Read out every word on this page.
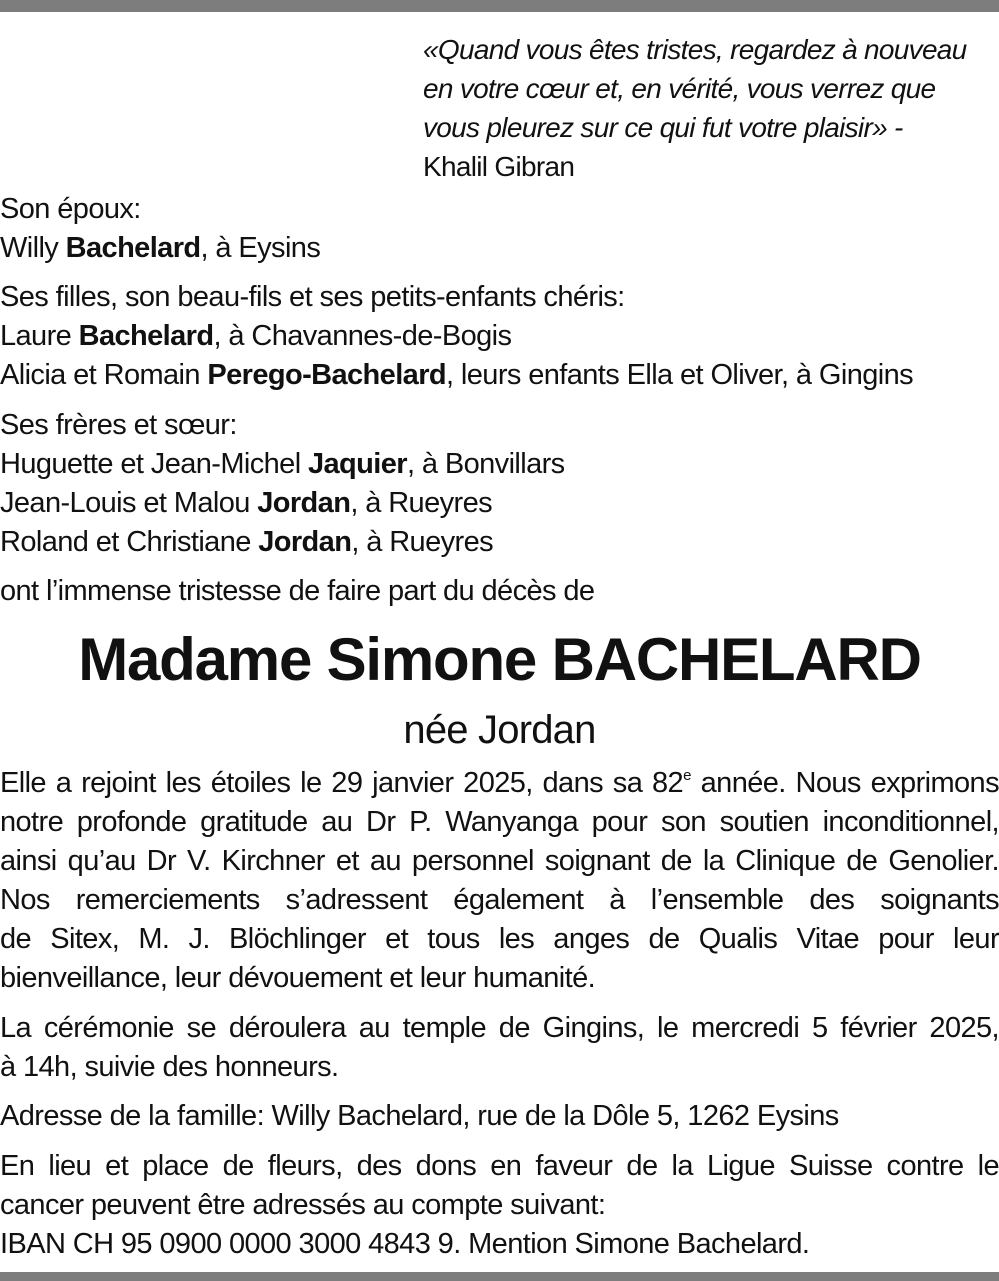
«Quand vous êtes tristes, regardez à nouveau
en votre cœur et, en vérité, vous verrez que
vous pleurez sur ce qui fut votre plaisir» -
Khalil Gibran
Son époux:
Willy Bachelard, à Eysins
Ses filles, son beau-fils et ses petits-enfants chéris:
Laure Bachelard, à Chavannes-de-Bogis
Alicia et Romain Perego-Bachelard, leurs enfants Ella et Oliver, à Gingins
Ses frères et sœur:
Huguette et Jean-Michel Jaquier, à Bonvillars
Jean-Louis et Malou Jordan, à Rueyres
Roland et Christiane Jordan, à Rueyres
ont l’immense tristesse de faire part du décès de
Madame Simone BACHELARD
née Jordan
Elle a rejoint les étoiles le 29 janvier 2025, dans sa 82e année. Nous exprimons
notre profonde gratitude au Dr P. Wanyanga pour son soutien inconditionnel,
ainsi qu’au Dr V. Kirchner et au personnel soignant de la Clinique de Genolier.
Nos remerciements s’adressent également à l’ensemble des soignants
de Sitex, M. J. Blöchlinger et tous les anges de Qualis Vitae pour leur
bienveillance, leur dévouement et leur humanité.
La cérémonie se déroulera au temple de Gingins, le mercredi 5 février 2025,
à 14h, suivie des honneurs.
Adresse de la famille: Willy Bachelard, rue de la Dôle 5, 1262 Eysins
En lieu et place de fleurs, des dons en faveur de la Ligue Suisse contre le
cancer peuvent être adressés au compte suivant:
IBAN CH 95 0900 0000 3000 4843 9. Mention Simone Bachelard.
